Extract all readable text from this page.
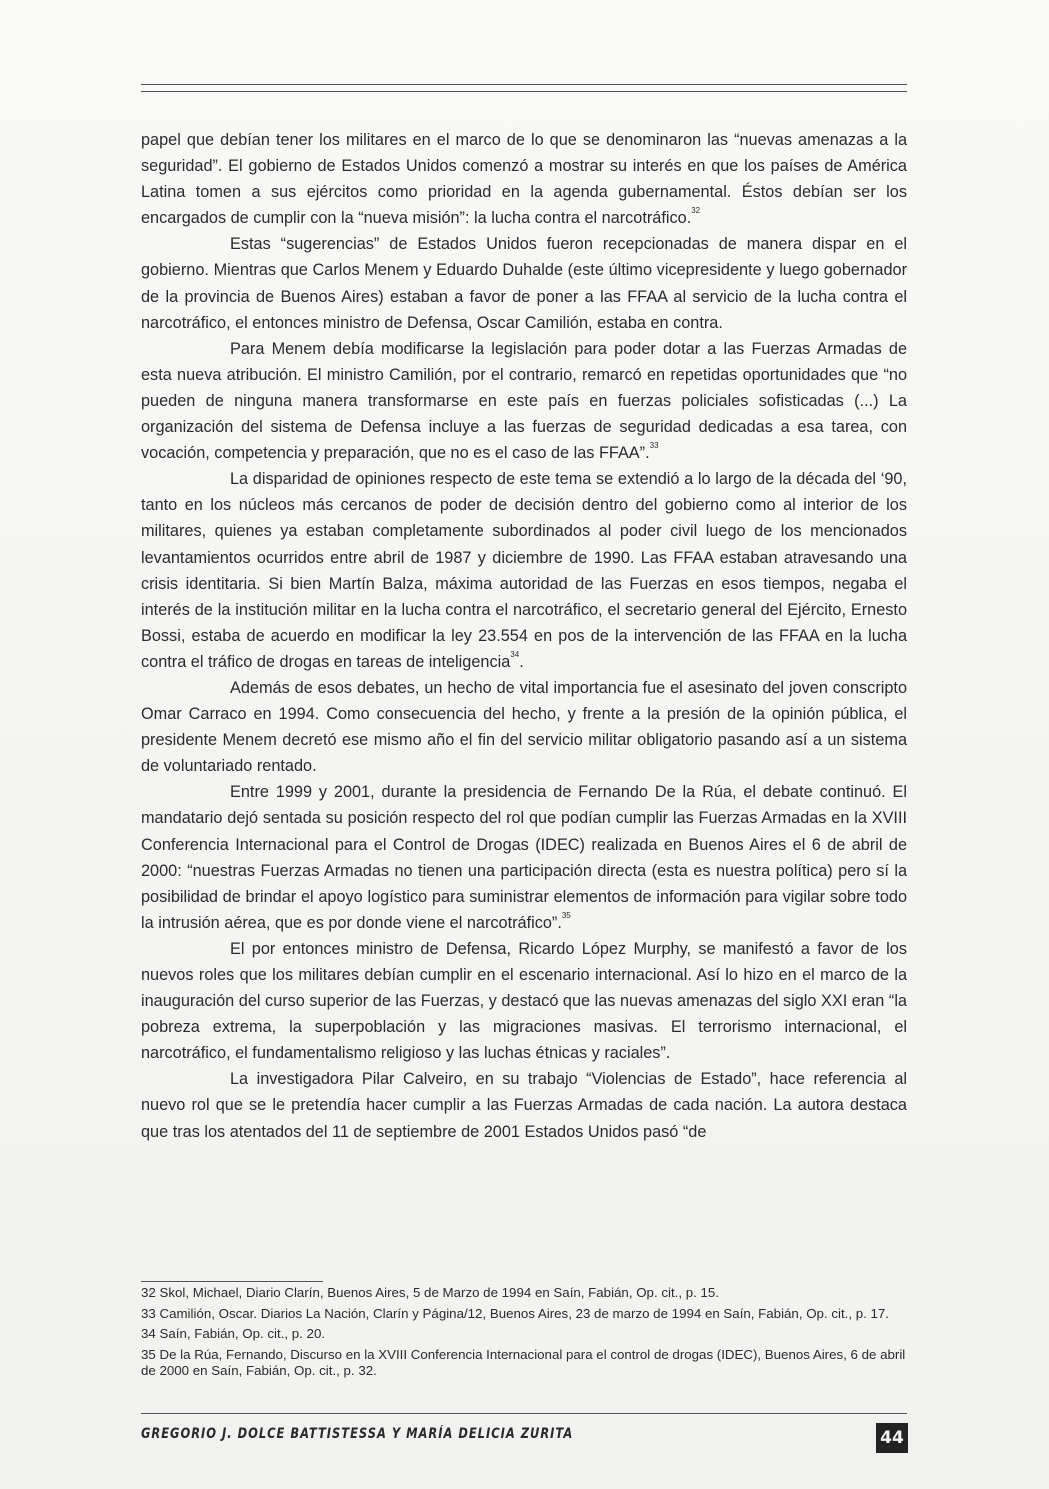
papel que debían tener los militares en el marco de lo que se denominaron las “nuevas amenazas a la seguridad”. El gobierno de Estados Unidos comenzó a mostrar su interés en que los países de América Latina tomen a sus ejércitos como prioridad en la agenda gubernamental. Éstos debían ser los encargados de cumplir con la “nueva misión”: la lucha contra el narcotráfico.$^{32}$

Estas “sugerencias” de Estados Unidos fueron recepcionadas de manera dispar en el gobierno. Mientras que Carlos Menem y Eduardo Duhalde (este último vicepresidente y luego gobernador de la provincia de Buenos Aires) estaban a favor de poner a las FFAA al servicio de la lucha contra el narcotráfico, el entonces ministro de Defensa, Oscar Camilión, estaba en contra.

Para Menem debía modificarse la legislación para poder dotar a las Fuerzas Armadas de esta nueva atribución. El ministro Camilión, por el contrario, remarcó en repetidas oportunidades que “no pueden de ninguna manera transformarse en este país en fuerzas policiales sofisticadas (...) La organización del sistema de Defensa incluye a las fuerzas de seguridad dedicadas a esa tarea, con vocación, competencia y preparación, que no es el caso de las FFAA”.$^{33}$

La disparidad de opiniones respecto de este tema se extendió a lo largo de la década del ‘90, tanto en los núcleos más cercanos de poder de decisión dentro del gobierno como al interior de los militares, quienes ya estaban completamente subordinados al poder civil luego de los mencionados levantamientos ocurridos entre abril de 1987 y diciembre de 1990. Las FFAA estaban atravesando una crisis identitaria. Si bien Martín Balza, máxima autoridad de las Fuerzas en esos tiempos, negaba el interés de la institución militar en la lucha contra el narcotráfico, el secretario general del Ejército, Ernesto Bossi, estaba de acuerdo en modificar la ley 23.554 en pos de la intervención de las FFAA en la lucha contra el tráfico de drogas en tareas de inteligencia$^{34}$.

Además de esos debates, un hecho de vital importancia fue el asesinato del joven conscripto Omar Carraco en 1994. Como consecuencia del hecho, y frente a la presión de la opinión pública, el presidente Menem decretó ese mismo año el fin del servicio militar obligatorio pasando así a un sistema de voluntariado rentado.

Entre 1999 y 2001, durante la presidencia de Fernando De la Rúa, el debate continuó. El mandatario dejó sentada su posición respecto del rol que podían cumplir las Fuerzas Armadas en la XVIII Conferencia Internacional para el Control de Drogas (IDEC) realizada en Buenos Aires el 6 de abril de 2000: “nuestras Fuerzas Armadas no tienen una participación directa (esta es nuestra política) pero sí la posibilidad de brindar el apoyo logístico para suministrar elementos de información para vigilar sobre todo la intrusión aérea, que es por donde viene el narcotráfico”.$^{35}$

El por entonces ministro de Defensa, Ricardo López Murphy, se manifestó a favor de los nuevos roles que los militares debían cumplir en el escenario internacional. Así lo hizo en el marco de la inauguración del curso superior de las Fuerzas, y destacó que las nuevas amenazas del siglo XXI eran “la pobreza extrema, la superpoblación y las migraciones masivas. El terrorismo internacional, el narcotráfico, el fundamentalismo religioso y las luchas étnicas y raciales”.

La investigadora Pilar Calveiro, en su trabajo “Violencias de Estado”, hace referencia al nuevo rol que se le pretendía hacer cumplir a las Fuerzas Armadas de cada nación. La autora destaca que tras los atentados del 11 de septiembre de 2001 Estados Unidos pasó “de

32 Skol, Michael, Diario Clarín, Buenos Aires, 5 de Marzo de 1994 en Saín, Fabián, Op. cit., p. 15.

33 Camilión, Oscar. Diarios La Nación, Clarín y Página/12, Buenos Aires, 23 de marzo de 1994 en Saín, Fabián, Op. cit., p. 17.

34 Saín, Fabián, Op. cit., p. 20.

35 De la Rúa, Fernando, Discurso en la XVIII Conferencia Internacional para el control de drogas (IDEC), Buenos Aires, 6 de abril de 2000 en Saín, Fabián, Op. cit., p. 32.

GREGORIO J. DOLCE BATTISTESSA Y MARÍA DELICIA ZURITA	44
